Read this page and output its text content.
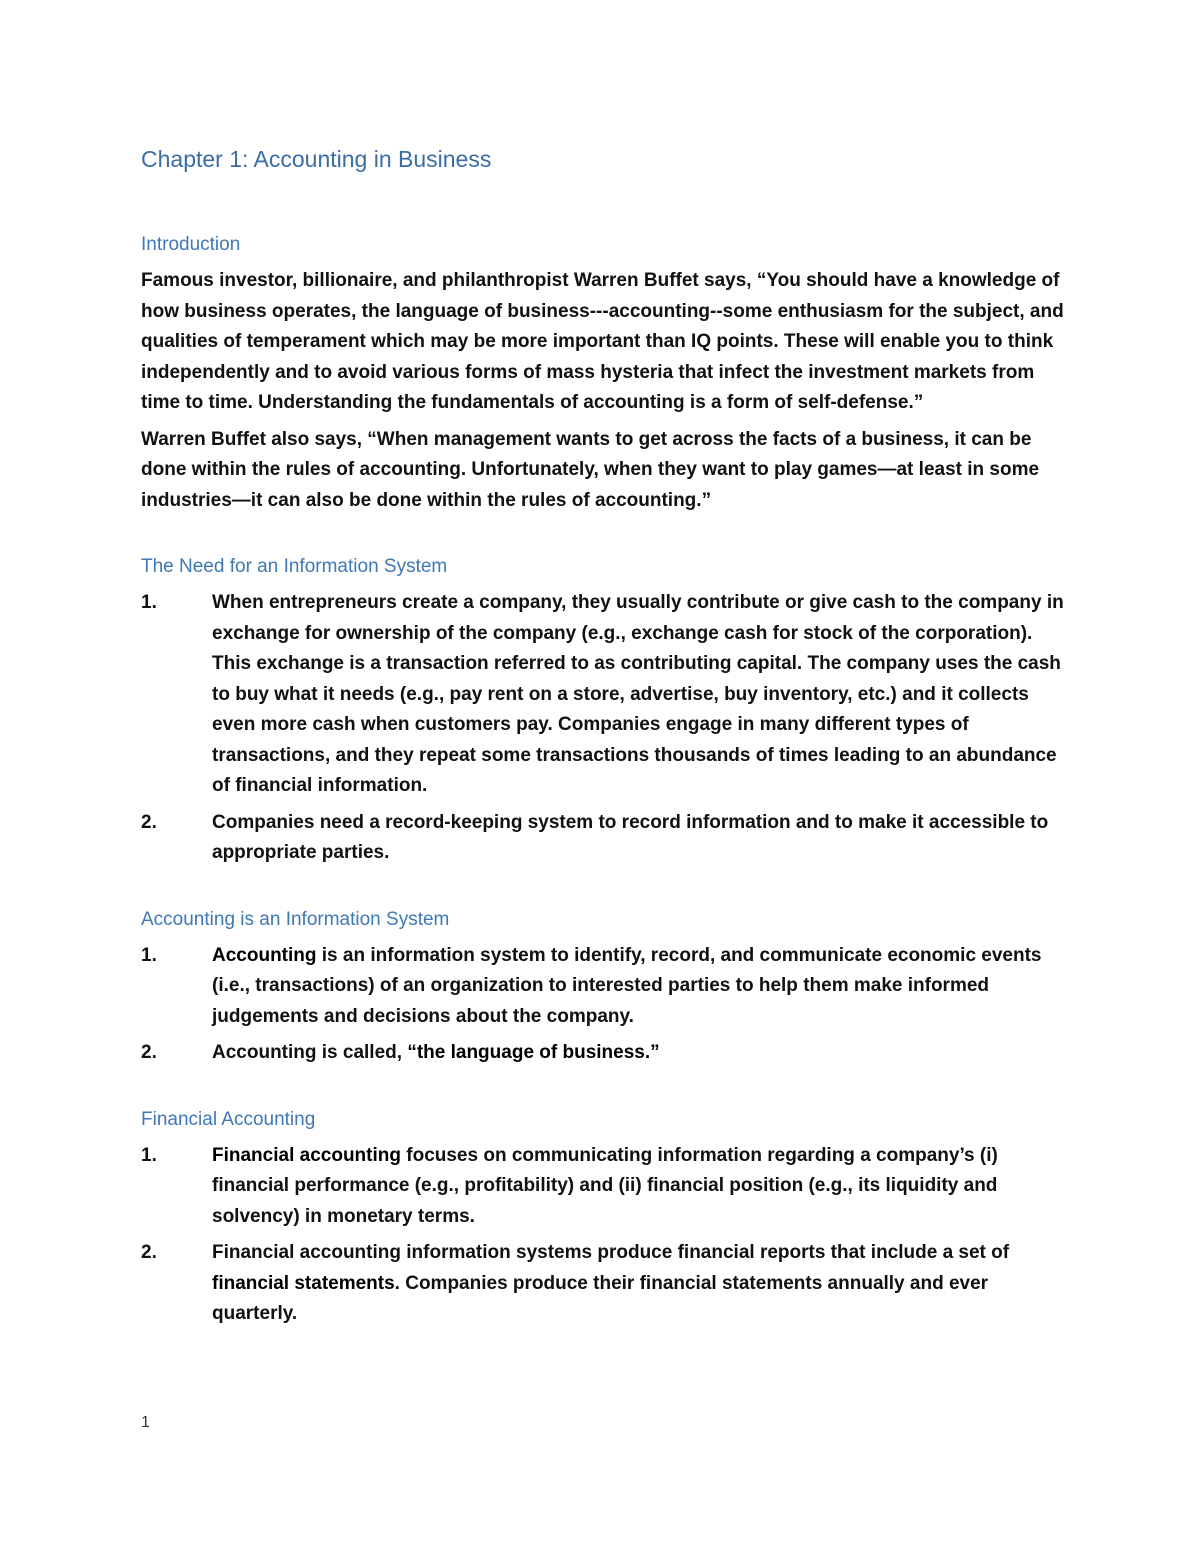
Chapter 1: Accounting in Business
Introduction

Famous investor, billionaire, and philanthropist Warren Buffet says, “You should have a knowledge of how business operates, the language of business---accounting--some enthusiasm for the subject, and qualities of temperament which may be more important than IQ points. These will enable you to think independently and to avoid various forms of mass hysteria that infect the investment markets from time to time. Understanding the fundamentals of accounting is a form of self-defense.”

Warren Buffet also says, “When management wants to get across the facts of a business, it can be done within the rules of accounting. Unfortunately, when they want to play games—at least in some industries—it can also be done within the rules of accounting.”

The Need for an Information System
1.	When entrepreneurs create a company, they usually contribute or give cash to the company in exchange for ownership of the company (e.g., exchange cash for stock of the corporation). This exchange is a transaction referred to as contributing capital. The company uses the cash to buy what it needs (e.g., pay rent on a store, advertise, buy inventory, etc.) and it collects even more cash when customers pay. Companies engage in many different types of transactions, and they repeat some transactions thousands of times leading to an abundance of financial information.
2.	Companies need a record-keeping system to record information and to make it accessible to appropriate parties.
Accounting is an Information System
1.	Accounting is an information system to identify, record, and communicate economic events (i.e., transactions) of an organization to interested parties to help them make informed judgements and decisions about the company.
2.	Accounting is called, “the language of business.”
Financial Accounting
1.	Financial accounting focuses on communicating information regarding a company’s (i) financial performance (e.g., profitability) and (ii) financial position (e.g., its liquidity and solvency) in monetary terms.
2.	Financial accounting information systems produce financial reports that include a set of financial statements. Companies produce their financial statements annually and ever quarterly.
1
